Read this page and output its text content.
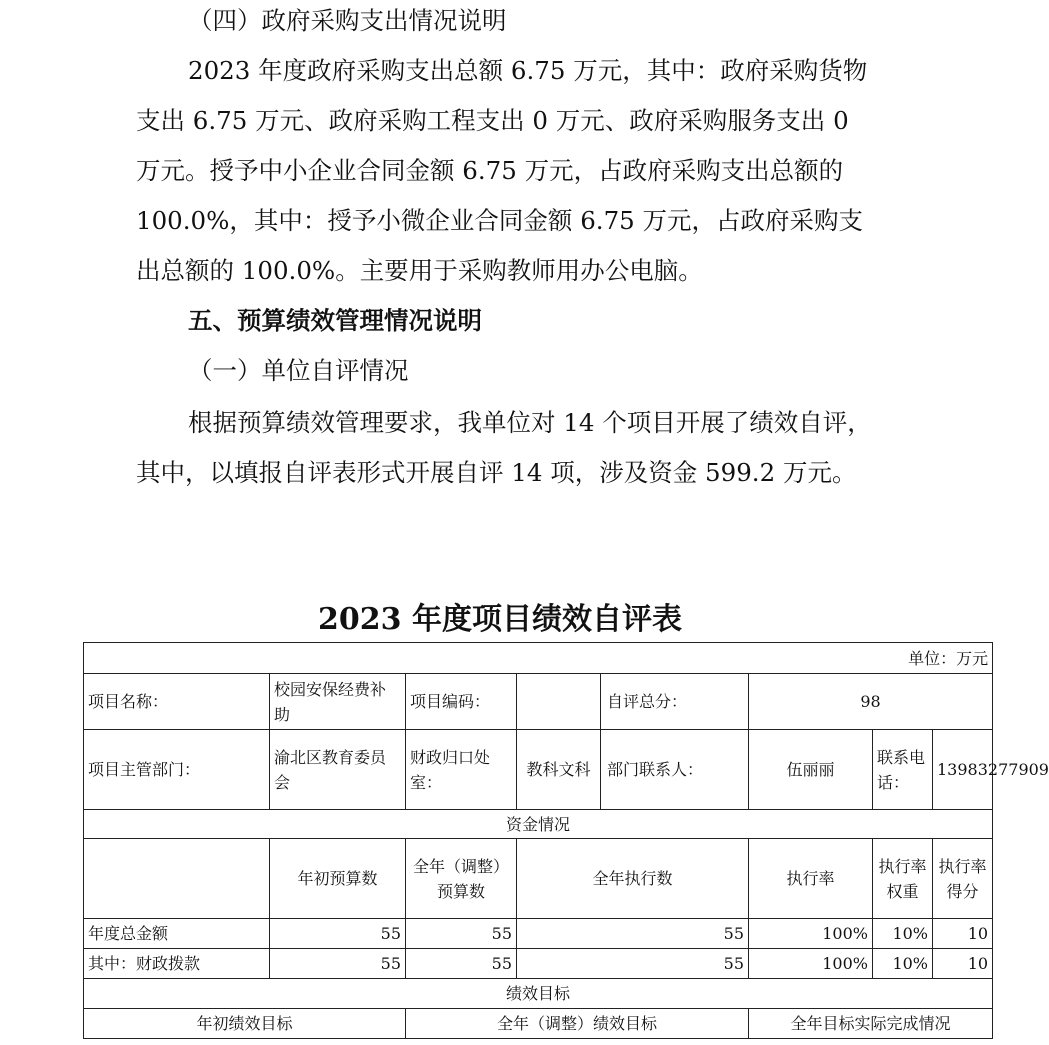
（四）政府采购支出情况说明

2023 年度政府采购支出总额 6.75 万元，其中：政府采购货物支出 6.75 万元、政府采购工程支出 0 万元、政府采购服务支出 0 万元。授予中小企业合同金额 6.75 万元，占政府采购支出总额的 100.0%，其中：授予小微企业合同金额 6.75 万元，占政府采购支出总额的 100.0%。主要用于采购教师用办公电脑。

五、预算绩效管理情况说明

（一）单位自评情况

根据预算绩效管理要求，我单位对 14 个项目开展了绩效自评，其中，以填报自评表形式开展自评 14 项，涉及资金 599.2 万元。

2023 年度项目绩效自评表

单位：万元							
项目名称：	校园安保经费补助	项目编码：		自评总分：	98		
项目主管部门：	渝北区教育委员会	财政归口处室：	教科文科	部门联系人：	伍丽丽	联系电话：	13983277909
资金情况							
	年初预算数	全年（调整）预算数	全年执行数		执行率	执行率权重	执行率得分
年度总金额	55	55	55		100%	10%	10
其中：财政拨款	55	55	55		100%	10%	10
绩效目标							
年初绩效目标		全年（调整）绩效目标			全年目标实际完成情况		
